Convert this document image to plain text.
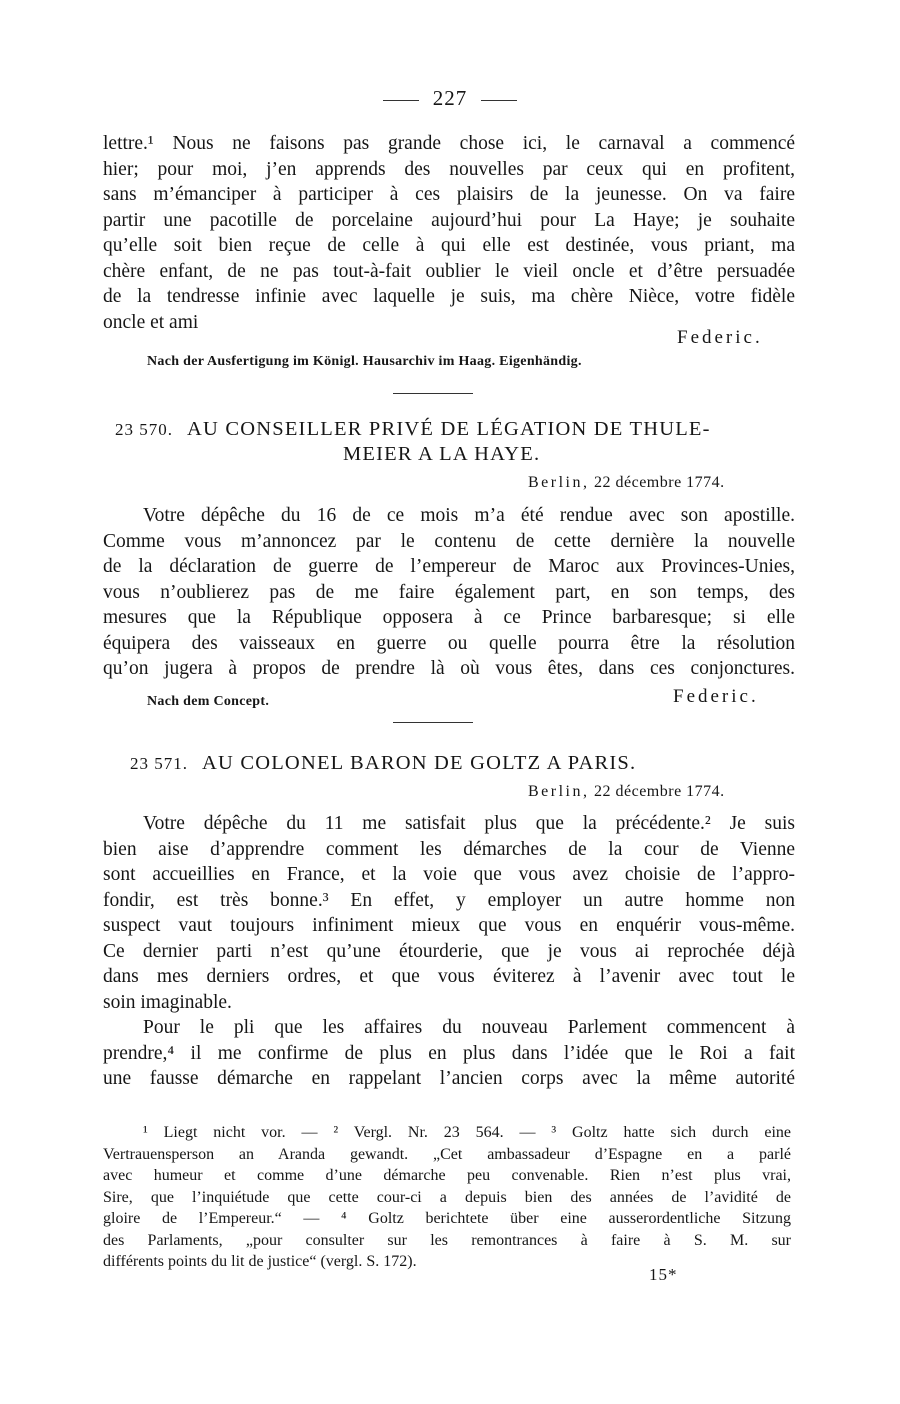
227
lettre.¹ Nous ne faisons pas grande chose ici, le carnaval a commencé
hier; pour moi, j’en apprends des nouvelles par ceux qui en profitent,
sans m’émanciper à participer à ces plaisirs de la jeunesse. On va faire
partir une pacotille de porcelaine aujourd’hui pour La Haye; je souhaite
qu’elle soit bien reçue de celle à qui elle est destinée, vous priant, ma
chère enfant, de ne pas tout-à-fait oublier le vieil oncle et d’être persuadée
de la tendresse infinie avec laquelle je suis, ma chère Nièce, votre fidèle
oncle et ami
Federic.
Nach der Ausfertigung im Königl. Hausarchiv im Haag. Eigenhändig.
23 570. AU CONSEILLER PRIVÉ DE LÉGATION DE THULE-
MEIER A LA HAYE.
Berlin, 22 décembre 1774.
Votre dépêche du 16 de ce mois m’a été rendue avec son apostille.
Comme vous m’annoncez par le contenu de cette dernière la nouvelle
de la déclaration de guerre de l’empereur de Maroc aux Provinces-Unies,
vous n’oublierez pas de me faire également part, en son temps, des
mesures que la République opposera à ce Prince barbaresque; si elle
équipera des vaisseaux en guerre ou quelle pourra être la résolution
qu’on jugera à propos de prendre là où vous êtes, dans ces conjonctures.
Nach dem Concept.	Federic.
23 571. AU COLONEL BARON DE GOLTZ A PARIS.
Berlin, 22 décembre 1774.
Votre dépêche du 11 me satisfait plus que la précédente.² Je suis
bien aise d’apprendre comment les démarches de la cour de Vienne
sont accueillies en France, et la voie que vous avez choisie de l’appro-
fondir, est très bonne.³ En effet, y employer un autre homme non
suspect vaut toujours infiniment mieux que vous en enquérir vous-même.
Ce dernier parti n’est qu’une étourderie, que je vous ai reprochée déjà
dans mes derniers ordres, et que vous éviterez à l’avenir avec tout le
soin imaginable.
Pour le pli que les affaires du nouveau Parlement commencent à
prendre,⁴ il me confirme de plus en plus dans l’idée que le Roi a fait
une fausse démarche en rappelant l’ancien corps avec la même autorité
¹ Liegt nicht vor. — ² Vergl. Nr. 23 564. — ³ Goltz hatte sich durch eine
Vertrauensperson an Aranda gewandt. „Cet ambassadeur d’Espagne en a parlé
avec humeur et comme d’une démarche peu convenable. Rien n’est plus vrai,
Sire, que l’inquiétude que cette cour-ci a depuis bien des années de l’avidité de
gloire de l’Empereur.“ — ⁴ Goltz berichtete über eine ausserordentliche Sitzung
des Parlaments, „pour consulter sur les remontrances à faire à S. M. sur
différents points du lit de justice“ (vergl. S. 172).
15*
